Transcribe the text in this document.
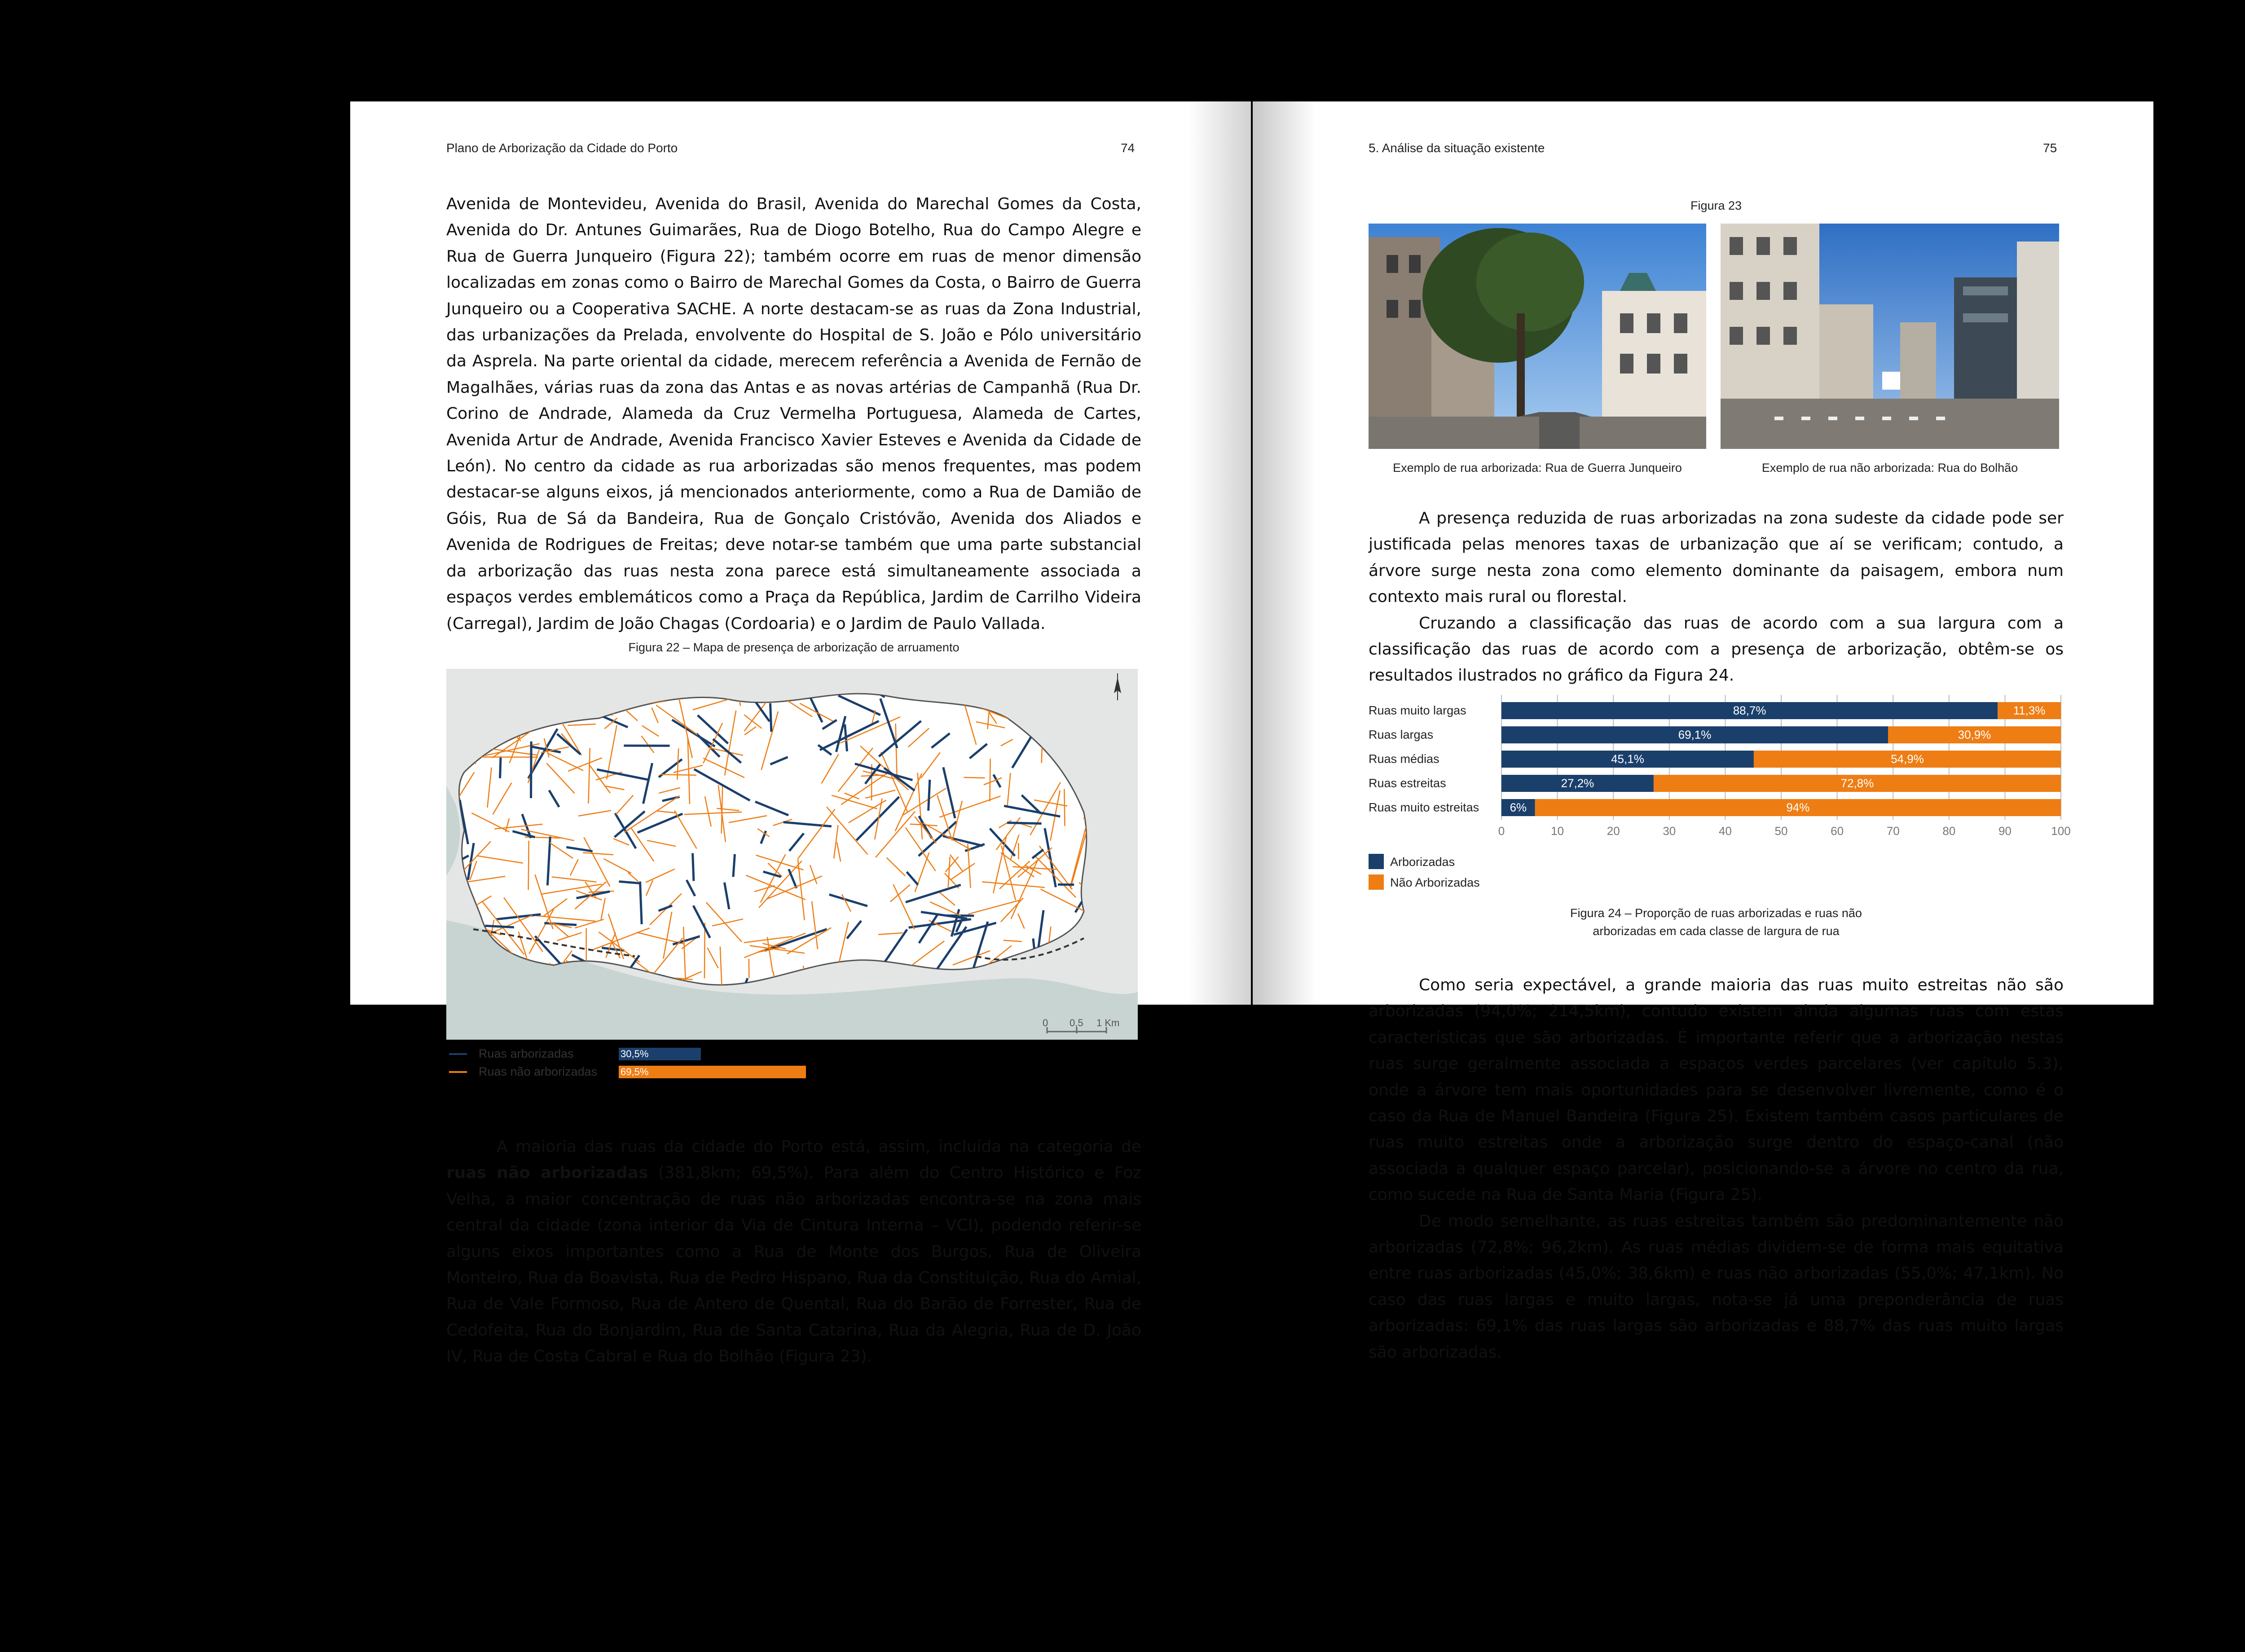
Plano de Arborização da Cidade do Porto	74

Avenida de Montevideu, Avenida do Brasil, Avenida do Marechal Gomes da Costa, Avenida do Dr. Antunes Guimarães, Rua de Diogo Botelho, Rua do Campo Alegre e Rua de Guerra Junqueiro (Figura 22); também ocorre em ruas de menor dimensão localizadas em zonas como o Bairro de Marechal Gomes da Costa, o Bairro de Guerra Junqueiro ou a Cooperativa SACHE. A norte destacam-se as ruas da Zona Industrial, das urbanizações da Prelada, envolvente do Hospital de S. João e Pólo universitário da Asprela. Na parte oriental da cidade, merecem referência a Avenida de Fernão de Magalhães, várias ruas da zona das Antas e as novas artérias de Campanhã (Rua Dr. Corino de Andrade, Alameda da Cruz Vermelha Portuguesa, Alameda de Cartes, Avenida Artur de Andrade, Avenida Francisco Xavier Esteves e Avenida da Cidade de León). No centro da cidade as rua arborizadas são menos frequentes, mas podem destacar-se alguns eixos, já mencionados anteriormente, como a Rua de Damião de Góis, Rua de Sá da Bandeira, Rua de Gonçalo Cristóvão, Avenida dos Aliados e Avenida de Rodrigues de Freitas; deve notar-se também que uma parte substancial da arborização das ruas nesta zona parece está simultaneamente associada a espaços verdes emblemáticos como a Praça da República, Jardim de Carrilho Videira (Carregal), Jardim de João Chagas (Cordoaria) e o Jardim de Paulo Vallada.

Figura 22 – Mapa de presença de arborização de arruamento
0 0,5 1 Km
Ruas arborizadas	30,5%
Ruas não arborizadas	69,5%

A maioria das ruas da cidade do Porto está, assim, incluída na categoria de ruas não arborizadas (381,8km; 69,5%). Para além do Centro Histórico e Foz Velha, a maior concentração de ruas não arborizadas encontra-se na zona mais central da cidade (zona interior da Via de Cintura Interna – VCI), podendo referir-se alguns eixos importantes como a Rua de Monte dos Burgos, Rua de Oliveira Monteiro, Rua da Boavista, Rua de Pedro Hispano, Rua da Constituição, Rua do Amial, Rua de Vale Formoso, Rua de Antero de Quental, Rua do Barão de Forrester, Rua de Cedofeita, Rua do Bonjardim, Rua de Santa Catarina, Rua da Alegria, Rua de D. João IV, Rua de Costa Cabral e Rua do Bolhão (Figura 23).

5. Análise da situação existente	75
Figura 23
Exemplo de rua arborizada: Rua de Guerra Junqueiro	Exemplo de rua não arborizada: Rua do Bolhão

A presença reduzida de ruas arborizadas na zona sudeste da cidade pode ser justificada pelas menores taxas de urbanização que aí se verificam; contudo, a árvore surge nesta zona como elemento dominante da paisagem, embora num contexto mais rural ou florestal.

Cruzando a classificação das ruas de acordo com a sua largura com a classificação das ruas de acordo com a presença de arborização, obtêm-se os resultados ilustrados no gráfico da Figura 24.

0	10	20	30	40	50	60	70	80	90	100
Ruas muito largas	88,7%	11,3%
Ruas largas	69,1%	30,9%
Ruas médias	45,1%	54,9%
Ruas estreitas	27,2%	72,8%
Ruas muito estreitas	6%	94%
Arborizadas
Não Arborizadas
Figura 24 – Proporção de ruas arborizadas e ruas não
arborizadas em cada classe de largura de rua

Como seria expectável, a grande maioria das ruas muito estreitas não são arborizadas (94,0%; 214,5km), contudo existem ainda algumas ruas com estas características que são arborizadas. É importante referir que a arborização nestas ruas surge geralmente associada a espaços verdes parcelares (ver capítulo 5.3), onde a árvore tem mais oportunidades para se desenvolver livremente, como é o caso da Rua de Manuel Bandeira (Figura 25). Existem também casos particulares de ruas muito estreitas onde a arborização surge dentro do espaço-canal (não associada a qualquer espaço parcelar), posicionando-se a árvore no centro da rua, como sucede na Rua de Santa Maria (Figura 25).

De modo semelhante, as ruas estreitas também são predominantemente não arborizadas (72,8%; 96,2km). As ruas médias dividem-se de forma mais equitativa entre ruas arborizadas (45,0%; 38,6km) e ruas não arborizadas (55,0%; 47,1km). No caso das ruas largas e muito largas, nota-se já uma preponderância de ruas arborizadas: 69,1% das ruas largas são arborizadas e 88,7% das ruas muito largas são arborizadas.
